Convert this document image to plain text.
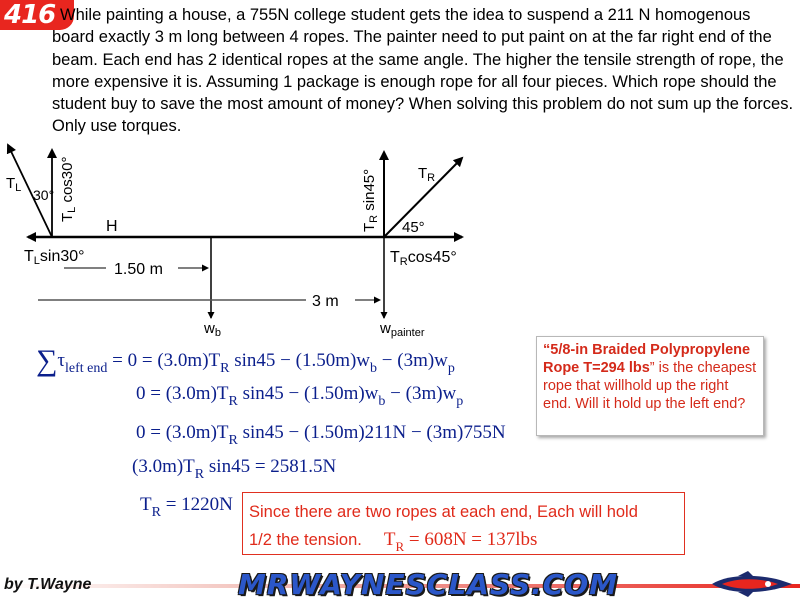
416 While painting a house, a 755N college student gets the idea to suspend a 211 N homogenous board exactly 3 m long between 4 ropes. The painter need to put paint on at the far right end of the beam. Each end has 2 identical ropes at the same angle. The higher the tensile strength of rope, the more expensive it is. Assuming 1 package is enough rope for all four pieces. Which rope should the student buy to save the most amount of money? When solving this problem do not sum up the forces. Only use torques.
$T_L$ 30°
$T_L$ cos30°
H
TLsin30°
1.50 m
3 m
$w_b$
$T_R$
$T_R$ sin45°
45°
TRcos45°
$w_{painter}$
$\sum\tau_{left end} = 0 = (3.0m)T_R$ $\sin 45 - (1.50m)w_b - (3m)w_p$
$0 = (3.0m)T_R$ $\sin 45 - (1.50m)w_b - (3m)w_p$
$0 = (3.0m)T_R$ sin45 − (1.50m)211N − (3m)755N
$(3.0m)T_R$ sin45 = 2581.5N
$T_R = 1220N$
“5/8-in Braided Polypropylene Rope T=294 lbs” is the cheapest rope that willhold up the right end. Will it hold up the left end?
Since there are two ropes at each end, Each will hold
1/2 the tension. $T_R = 608N = 137lbs$
by T.Wayne	MRWAYNESCLASS.COM
